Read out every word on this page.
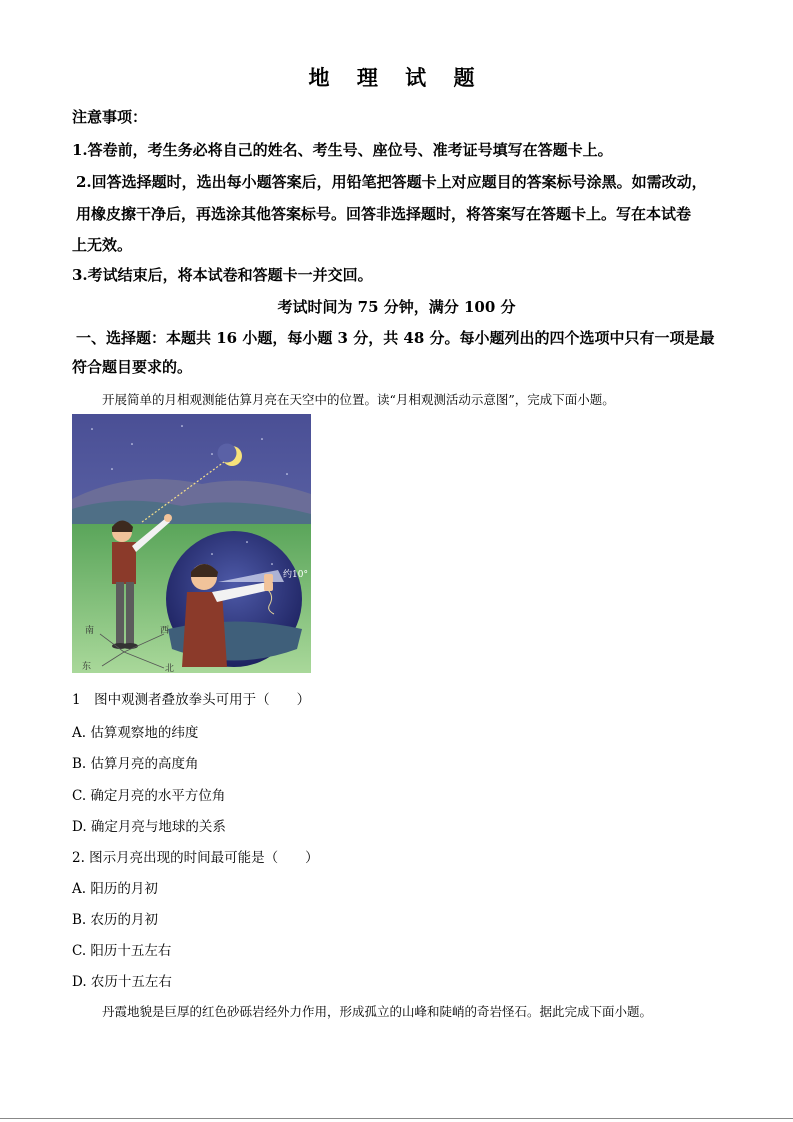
地 理 试 题
注意事项：
1.答卷前，考生务必将自己的姓名、考生号、座位号、准考证号填写在答题卡上。
2.回答选择题时，选出每小题答案后，用铅笔把答题卡上对应题目的答案标号涂黑。如需改动，
用橡皮擦干净后，再选涂其他答案标号。回答非选择题时，将答案写在答题卡上。写在本试卷
上无效。
3.考试结束后，将本试卷和答题卡一并交回。
考试时间为 75 分钟，满分 100 分
一、选择题：本题共 16 小题，每小题 3 分，共 48 分。每小题列出的四个选项中只有一项是最
符合题目要求的。
开展简单的月相观测能估算月亮在天空中的位置。读“月相观测活动示意图”，完成下面小题。
约10°
南	西
东	北
1　图中观测者叠放拳头可用于（　　）
A. 估算观察地的纬度
B. 估算月亮的高度角
C. 确定月亮的水平方位角
D. 确定月亮与地球的关系
2. 图示月亮出现的时间最可能是（　　）
A. 阳历的月初
B. 农历的月初
C. 阳历十五左右
D. 农历十五左右
丹霞地貌是巨厚的红色砂砾岩经外力作用，形成孤立的山峰和陡峭的奇岩怪石。据此完成下面小题。
